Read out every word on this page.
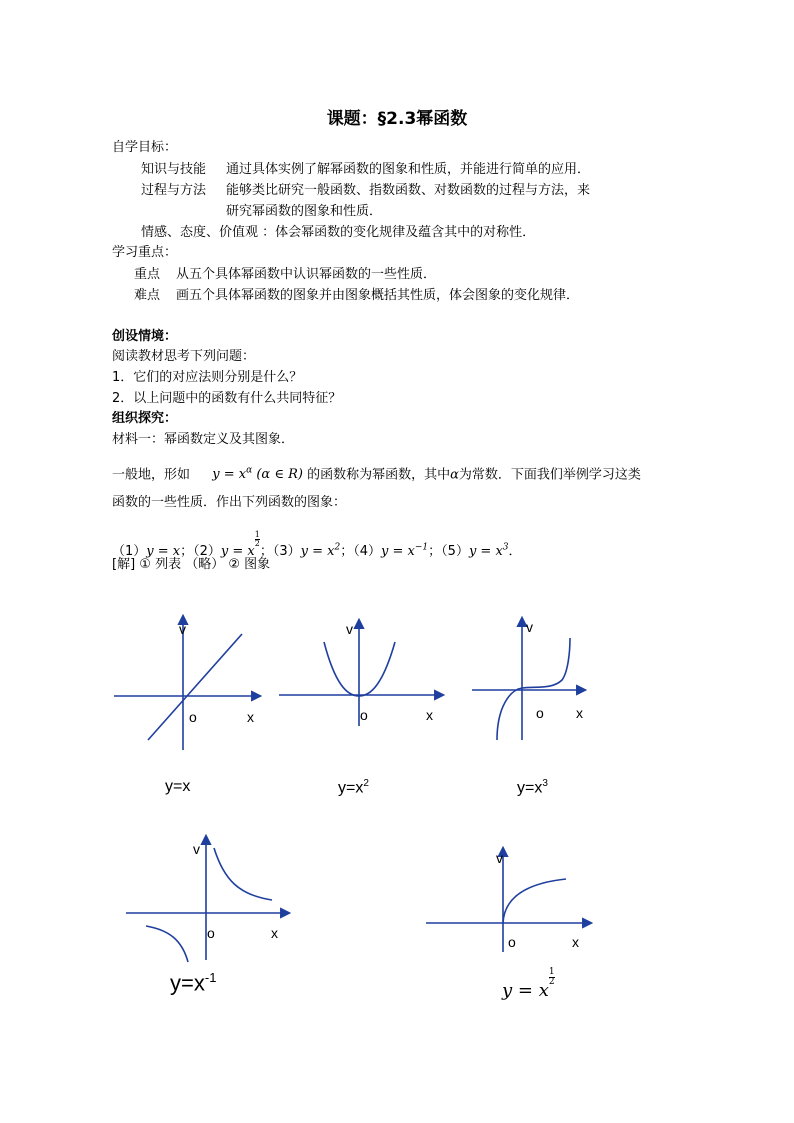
课题：§2.3幂函数
自学目标：
知识与技能 通过具体实例了解幂函数的图象和性质，并能进行简单的应用．
过程与方法 能够类比研究一般函数、指数函数、对数函数的过程与方法，来
研究幂函数的图象和性质．
情感、态度、价值观 ：体会幂函数的变化规律及蕴含其中的对称性．
学习重点：
重点 从五个具体幂函数中认识幂函数的一些性质．
难点 画五个具体幂函数的图象并由图象概括其性质，体会图象的变化规律．
创设情境：
阅读教材思考下列问题：
1．它们的对应法则分别是什么？
2．以上问题中的函数有什么共同特征？
组织探究：
材料一：幂函数定义及其图象．
一般地，形如 $y = x^\alpha$ (α ∈ R) 的函数称为幂函数，其中α为常数．下面我们举例学习这类
函数的一些性质．作出下列函数的图象：
（1）y = x；$(2)y = x\frac{1}{2}$
；$(3)y = x^2$；$(4)y = x^{-1}$；$(5)y = x^3$．
[解] ① 列表 （略） ② 图象
v
o	x
v
o	x
v
o x
y=x	$y=x^2$	$y=x^3$
v
o	x
v
o	x
$y=x^{-1}$
$y = x\frac{1}{2}$
